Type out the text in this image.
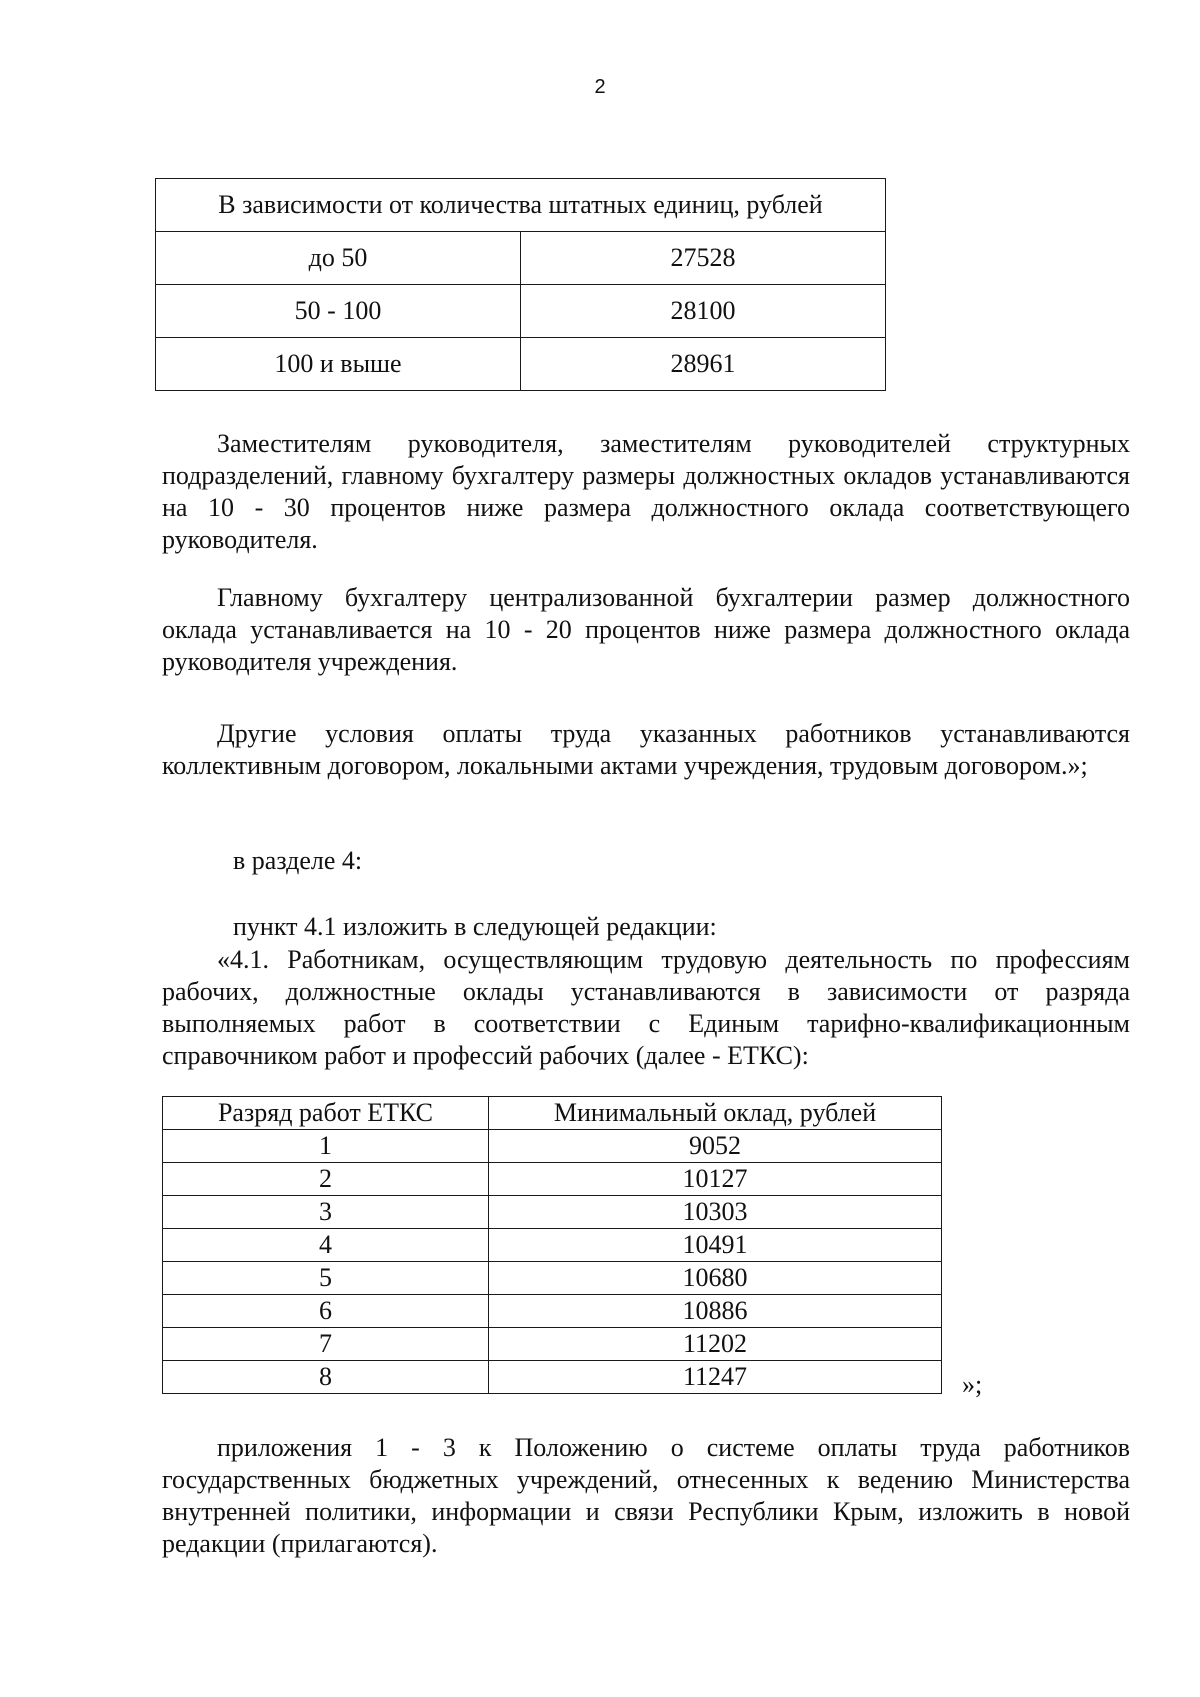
2
В зависимости от количества штатных единиц, рублей	
до 50	27528
50 - 100	28100
100 и выше	28961

Заместителям руководителя, заместителям руководителей структурных подразделений, главному бухгалтеру размеры должностных окладов устанавливаются на 10 - 30 процентов ниже размера должностного оклада соответствующего руководителя.

Главному бухгалтеру централизованной бухгалтерии размер должностного оклада устанавливается на 10 - 20 процентов ниже размера должностного оклада руководителя учреждения.

Другие условия оплаты труда указанных работников устанавливаются коллективным договором, локальными актами учреждения, трудовым договором.»;

в разделе 4:

пункт 4.1 изложить в следующей редакции:

«4.1. Работникам, осуществляющим трудовую деятельность по профессиям рабочих, должностные оклады устанавливаются в зависимости от разряда выполняемых работ в соответствии с Единым тарифно-квалификационным справочником работ и профессий рабочих (далее - ЕТКС):

Разряд работ ЕТКС	Минимальный оклад, рублей
1	9052
2	10127
3	10303
4	10491
5	10680
6	10886
7	11202
8	11247	»;

приложения 1 - 3 к Положению о системе оплаты труда работников государственных бюджетных учреждений, отнесенных к ведению Министерства внутренней политики, информации и связи Республики Крым, изложить в новой редакции (прилагаются).
